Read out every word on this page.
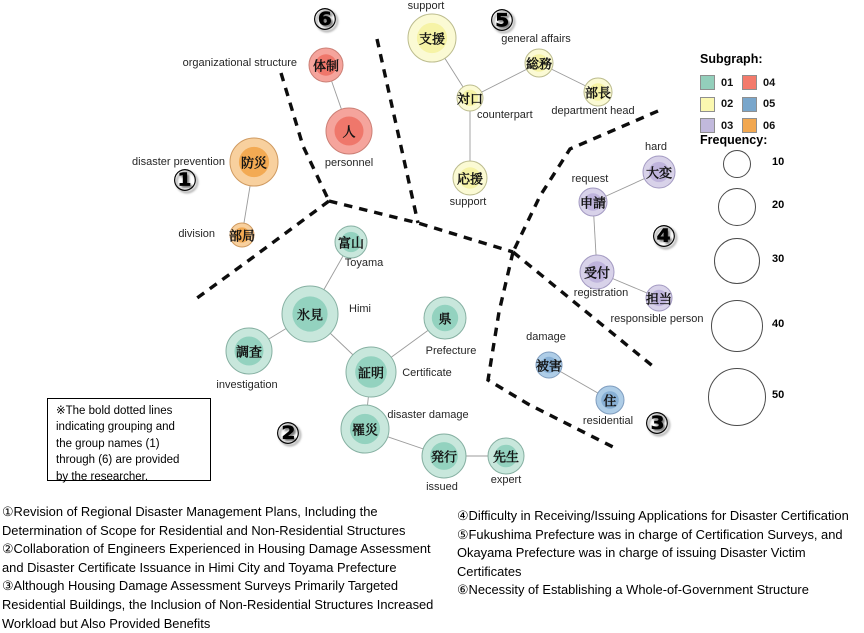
体制
organizational structure
人
personnel
防災
disaster prevention
部局
division
支援
support
総務
general affairs
部長
department head
対口
counterpart
応援
support
大変
hard
申請
request
受付
registration 担当
responsible person
被害
damage
住
residential
富山
Toyama
氷見 Himi
調査
investigation
証明 Certificate
県
Prefecture
罹災
disaster damage
発行
issued
先生
expert
①
②	③
④
⑤
⑥
Subgraph:
01
02
03
04
05
06
Frequency:
10
20
30
40
50
※The bold dotted lines
indicating grouping and
the group names (1)
through (6) are provided
by the researcher.
①Revision of Regional Disaster Management Plans, Including the
Determination of Scope for Residential and Non-Residential Structures
②Collaboration of Engineers Experienced in Housing Damage Assessment
and Disaster Certificate Issuance in Himi City and Toyama Prefecture
③Although Housing Damage Assessment Surveys Primarily Targeted
Residential Buildings, the Inclusion of Non-Residential Structures Increased
Workload but Also Provided Benefits
④Difficulty in Receiving/Issuing Applications for Disaster Certification
⑤Fukushima Prefecture was in charge of Certification Surveys, and
Okayama Prefecture was in charge of issuing Disaster Victim
Certificates
⑥Necessity of Establishing a Whole-of-Government Structure
